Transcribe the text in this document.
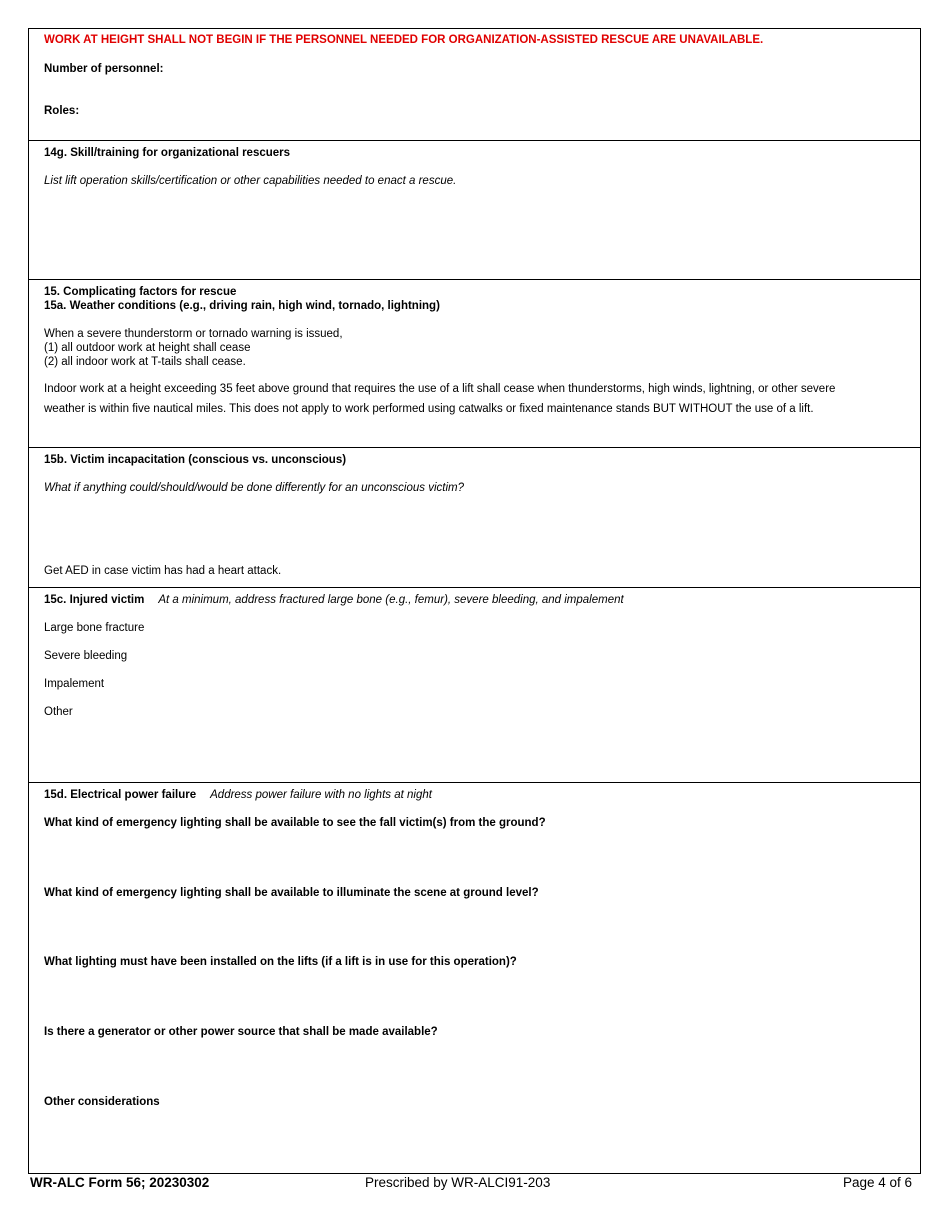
WORK AT HEIGHT SHALL NOT BEGIN IF THE PERSONNEL NEEDED FOR ORGANIZATION-ASSISTED RESCUE ARE UNAVAILABLE.
Number of personnel:
Roles:
14g. Skill/training for organizational rescuers
List lift operation skills/certification or other capabilities needed to enact a rescue.
15. Complicating factors for rescue
15a. Weather conditions (e.g., driving rain, high wind, tornado, lightning)
When a severe thunderstorm or tornado warning is issued,
(1) all outdoor work at height shall cease
(2) all indoor work at T-tails shall cease.
Indoor work at a height exceeding 35 feet above ground that requires the use of a lift shall cease when thunderstorms, high winds, lightning, or other severe weather is within five nautical miles. This does not apply to work performed using catwalks or fixed maintenance stands BUT WITHOUT the use of a lift.
15b. Victim incapacitation (conscious vs. unconscious)
What if anything could/should/would be done differently for an unconscious victim?
Get AED in case victim has had a heart attack.
15c. Injured victim At a minimum, address fractured large bone (e.g., femur), severe bleeding, and impalement
Large bone fracture
Severe bleeding
Impalement
Other
15d. Electrical power failure Address power failure with no lights at night
What kind of emergency lighting shall be available to see the fall victim(s) from the ground?
What kind of emergency lighting shall be available to illuminate the scene at ground level?
What lighting must have been installed on the lifts (if a lift is in use for this operation)?
Is there a generator or other power source that shall be made available?
Other considerations
WR-ALC Form 56; 20230302	Prescribed by WR-ALCI91-203	Page 4 of 6
